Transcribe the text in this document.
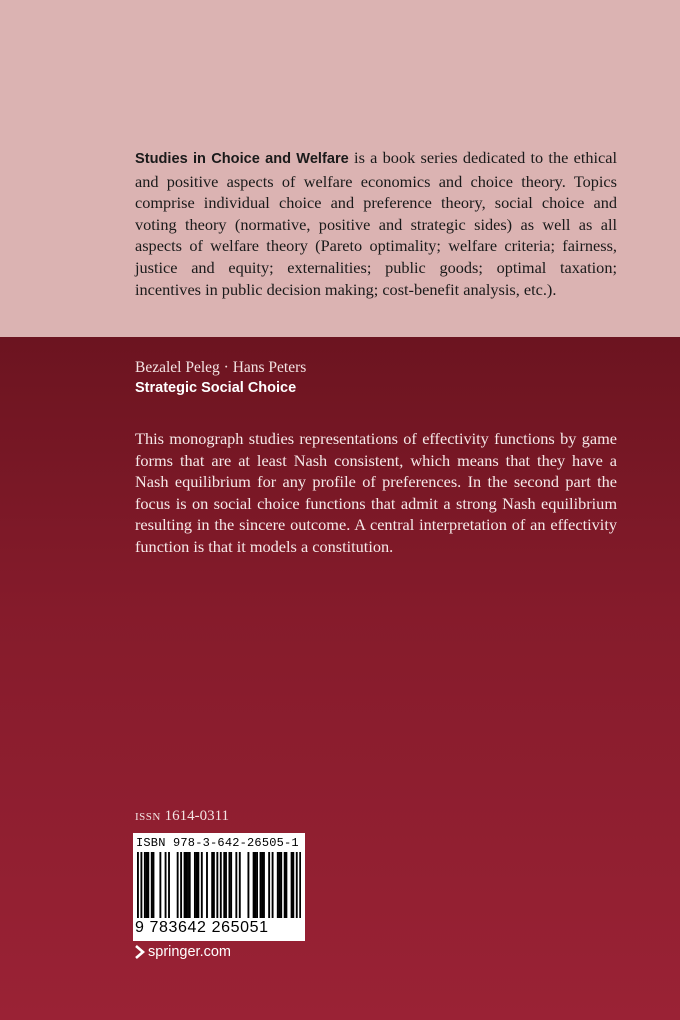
Studies in Choice and Welfare is a book series dedicated to the ethical and positive aspects of welfare economics and choice theory. Topics comprise individual choice and preference theory, social choice and voting theory (normative, positive and strategic sides) as well as all aspects of welfare theory (Pareto optimality; welfare criteria; fairness, justice and equity; externalities; public goods; optimal taxation; incentives in public decision making; cost-benefit analysis, etc.).

Bezalel Peleg · Hans Peters

Strategic Social Choice

This monograph studies representations of effectivity functions by game forms that are at least Nash consistent, which means that they have a Nash equilibrium for any profile of preferences. In the second part the focus is on social choice functions that admit a strong Nash equilibrium resulting in the sincere outcome. A central interpretation of an effectivity function is that it models a constitution.

ISSN 1614-0311

ISBN 978-3-642-26505-1
9 783642 265051

springer.com
